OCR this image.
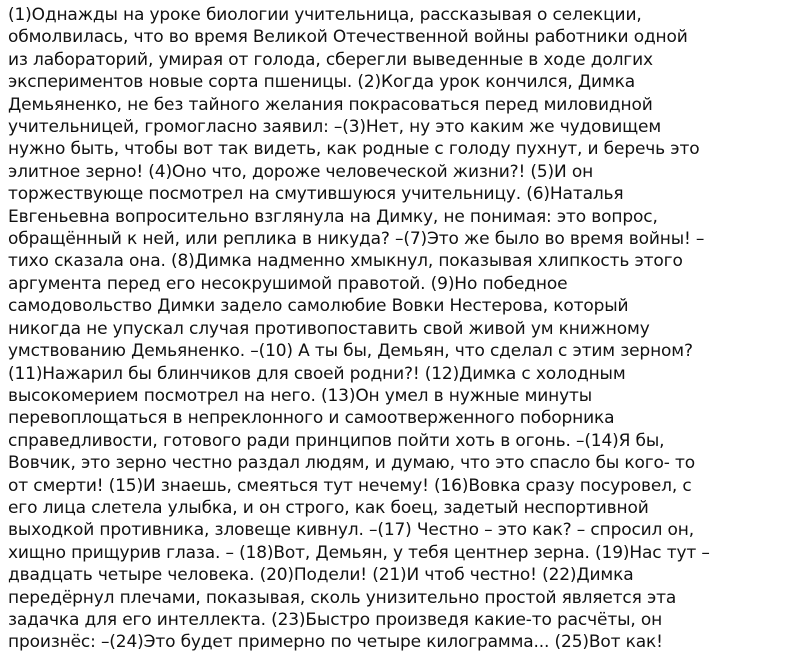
(1)Однажды на уроке биологии учительница, рассказывая о селекции,
обмолвилась, что во время Великой Отечественной войны работники одной
из лабораторий, умирая от голода, сберегли выведенные в ходе долгих
экспериментов новые сорта пшеницы. (2)Когда урок кончился, Димка
Демьяненко, не без тайного желания покрасоваться перед миловидной
учительницей, громогласно заявил: –(3)Нет, ну это каким же чудовищем
нужно быть, чтобы вот так видеть, как родные с голоду пухнут, и беречь это
элитное зерно! (4)Оно что, дороже человеческой жизни?! (5)И он
торжествующе посмотрел на смутившуюся учительницу. (6)Наталья
Евгеньевна вопросительно взглянула на Димку, не понимая: это вопрос,
обращённый к ней, или реплика в никуда? –(7)Это же было во время войны! –
тихо сказала она. (8)Димка надменно хмыкнул, показывая хлипкость этого
аргумента перед его несокрушимой правотой. (9)Но победное
самодовольство Димки задело самолюбие Вовки Нестерова, который
никогда не упускал случая противопоставить свой живой ум книжному
умствованию Демьяненко. –(10) А ты бы, Демьян, что сделал с этим зерном?
(11)Нажарил бы блинчиков для своей родни?! (12)Димка с холодным
высокомерием посмотрел на него. (13)Он умел в нужные минуты
перевоплощаться в непреклонного и самоотверженного поборника
справедливости, готового ради принципов пойти хоть в огонь. –(14)Я бы,
Вовчик, это зерно честно раздал людям, и думаю, что это спасло бы кого- то
от смерти! (15)И знаешь, смеяться тут нечему! (16)Вовка сразу посуровел, с
его лица слетела улыбка, и он строго, как боец, задетый неспортивной
выходкой противника, зловеще кивнул. –(17) Честно – это как? – спросил он,
хищно прищурив глаза. – (18)Вот, Демьян, у тебя центнер зерна. (19)Нас тут –
двадцать четыре человека. (20)Подели! (21)И чтоб честно! (22)Димка
передёрнул плечами, показывая, сколь унизительно простой является эта
задачка для его интеллекта. (23)Быстро произведя какие-то расчёты, он
произнёс: –(24)Это будет примерно по четыре килограмма... (25)Вот как!
